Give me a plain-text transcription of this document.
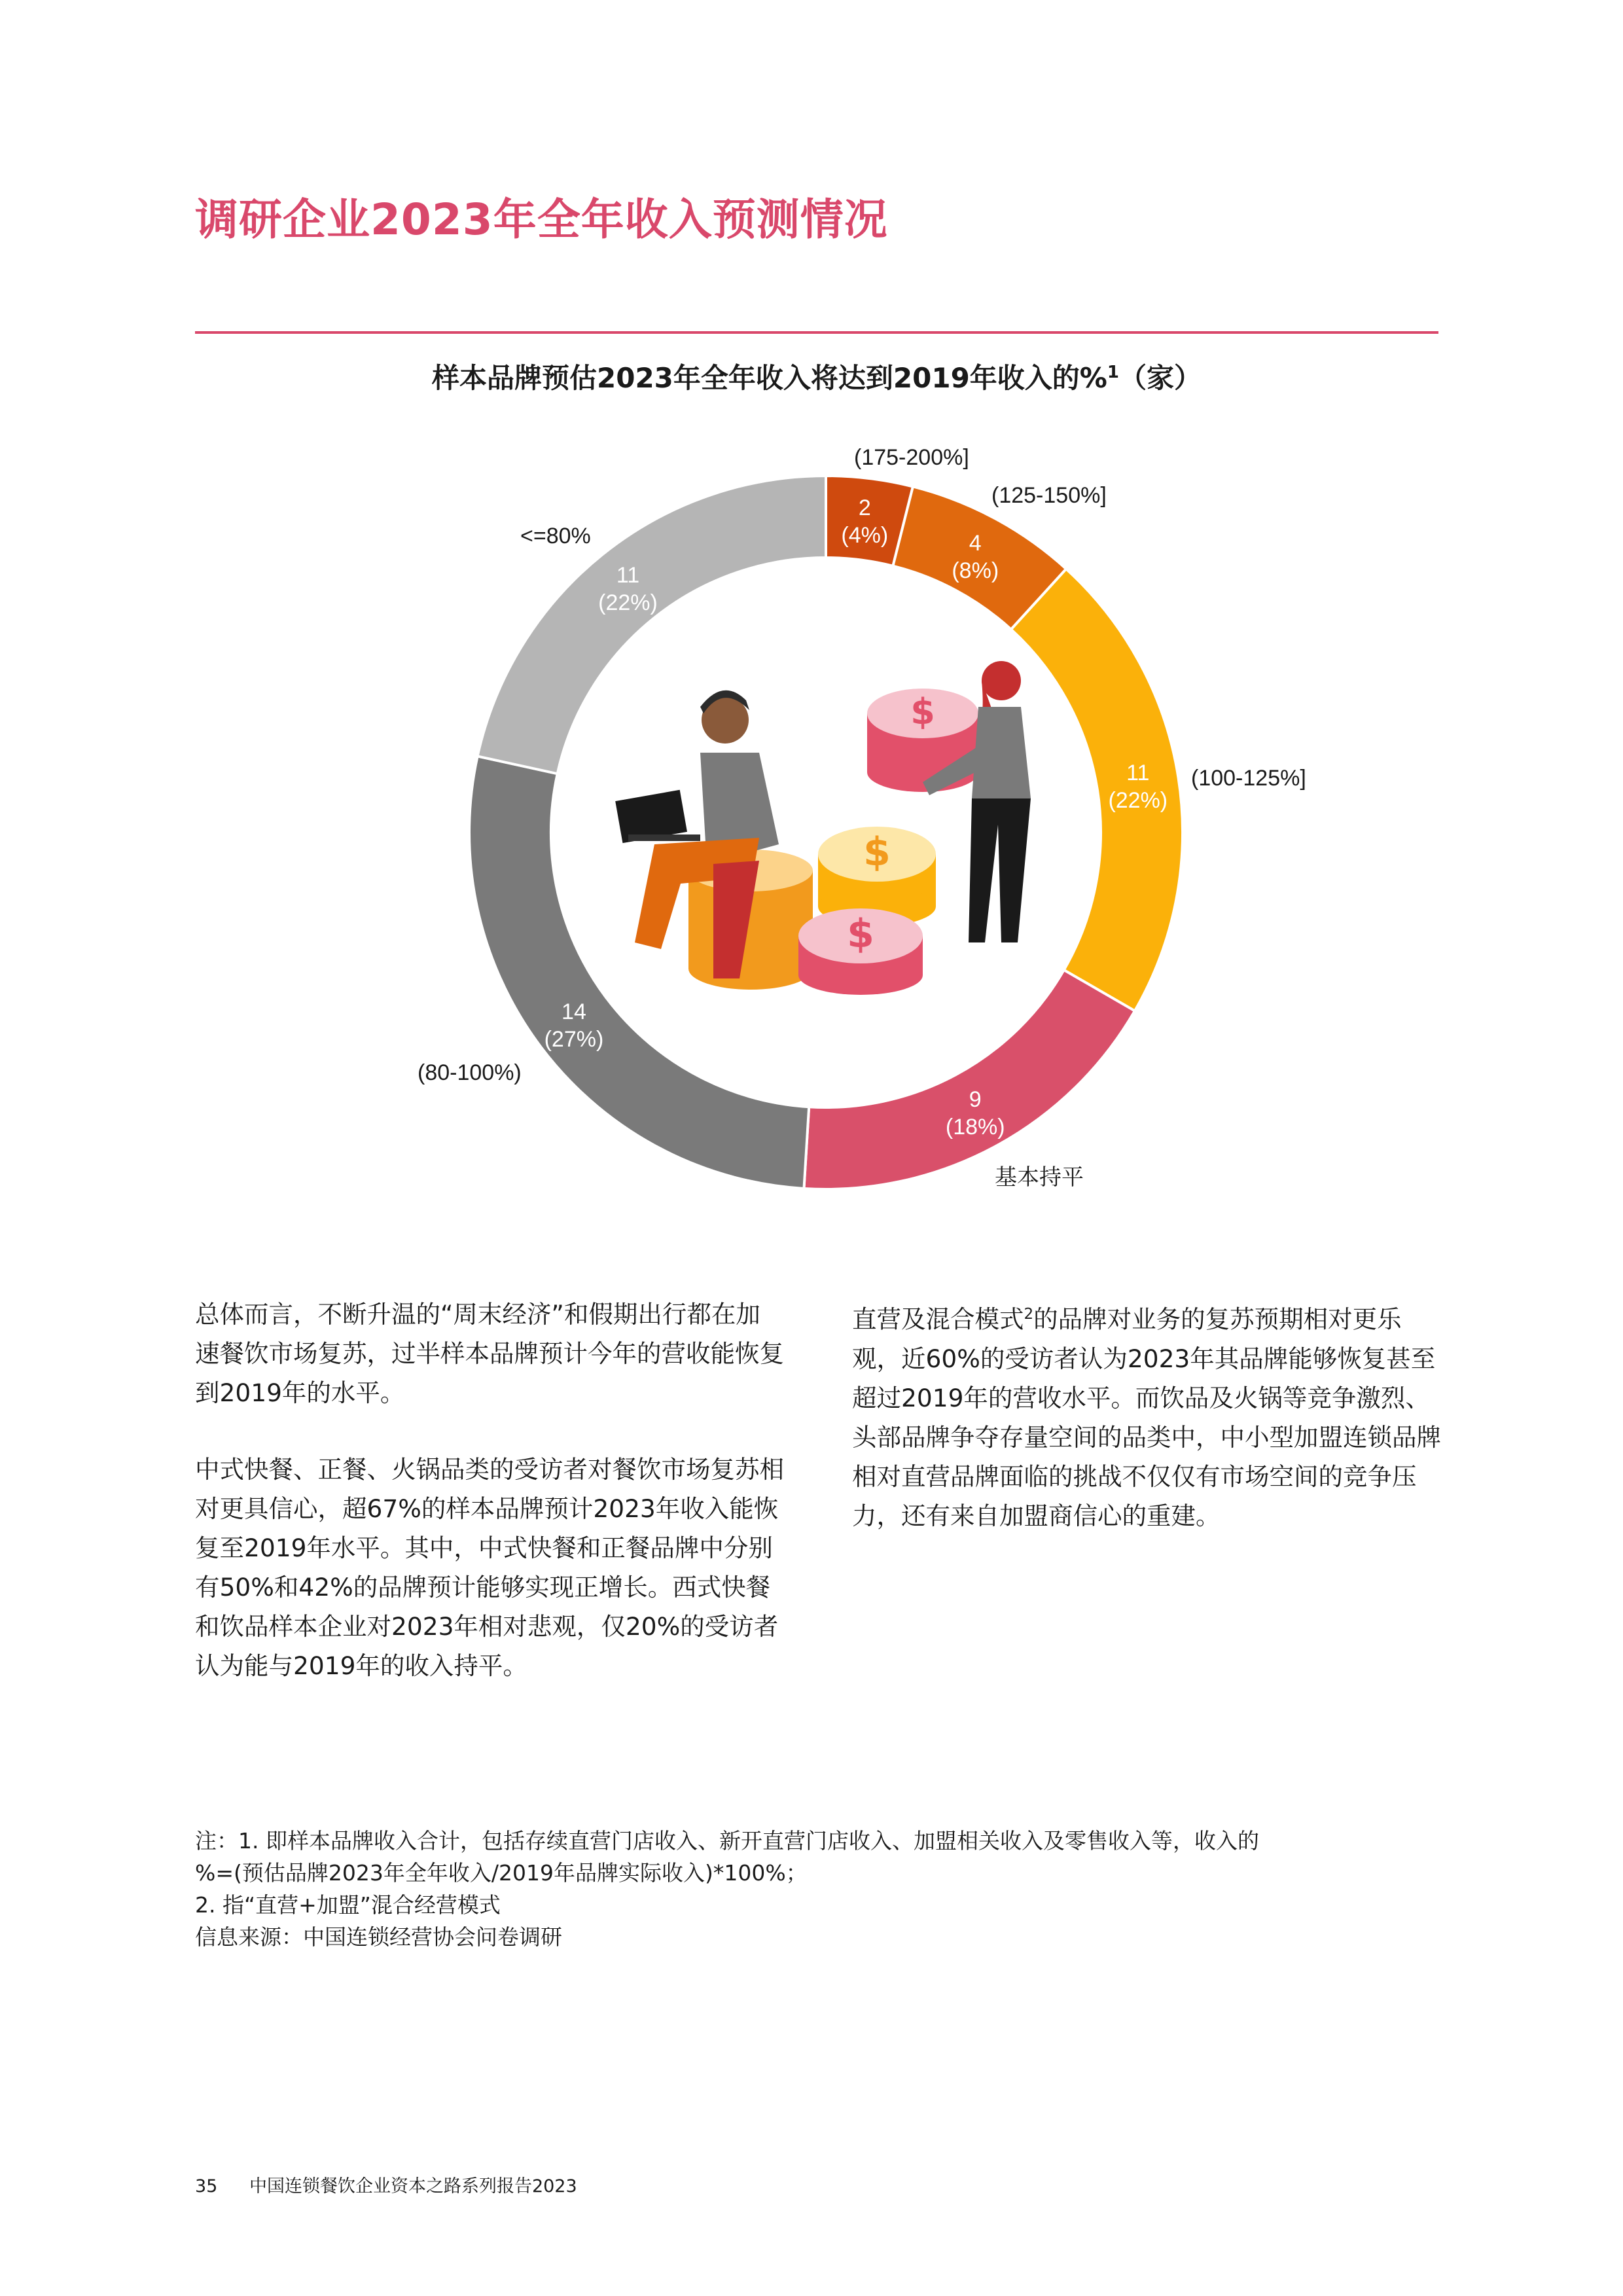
调研企业2023年全年收入预测情况
样本品牌预估2023年全年收入将达到2019年收入的%$^1$（家）
2
(4%)
(175-200%]
4
(8%)
(125-150%]
11
(22%)
(100-125%]
9
(18%)
基本持平
14
(27%)
(80-100%)
11
(22%)
<=80%
$
$
$

总体而言，不断升温的“周末经济”和假期出行都在加速餐饮市场复苏，过半样本品牌预计今年的营收能恢复到2019年的水平。

中式快餐、正餐、火锅品类的受访者对餐饮市场复苏相对更具信心，超67%的样本品牌预计2023年收入能恢复至2019年水平。其中，中式快餐和正餐品牌中分别有50%和42%的品牌预计能够实现正增长。西式快餐和饮品样本企业对2023年相对悲观，仅20%的受访者认为能与2019年的收入持平。

直营及混合模式$^2$的品牌对业务的复苏预期相对更乐观，近60%的受访者认为2023年其品牌能够恢复甚至超过2019年的营收水平。而饮品及火锅等竞争激烈、头部品牌争夺存量空间的品类中，中小型加盟连锁品牌相对直营品牌面临的挑战不仅仅有市场空间的竞争压力，还有来自加盟商信心的重建。

注：1. 即样本品牌收入合计，包括存续直营门店收入、新开直营门店收入、加盟相关收入及零售收入等，收入的
%=(预估品牌2023年全年收入/2019年品牌实际收入)*100%；
2. 指“直营+加盟”混合经营模式
信息来源：中国连锁经营协会问卷调研
35 中国连锁餐饮企业资本之路系列报告2023
